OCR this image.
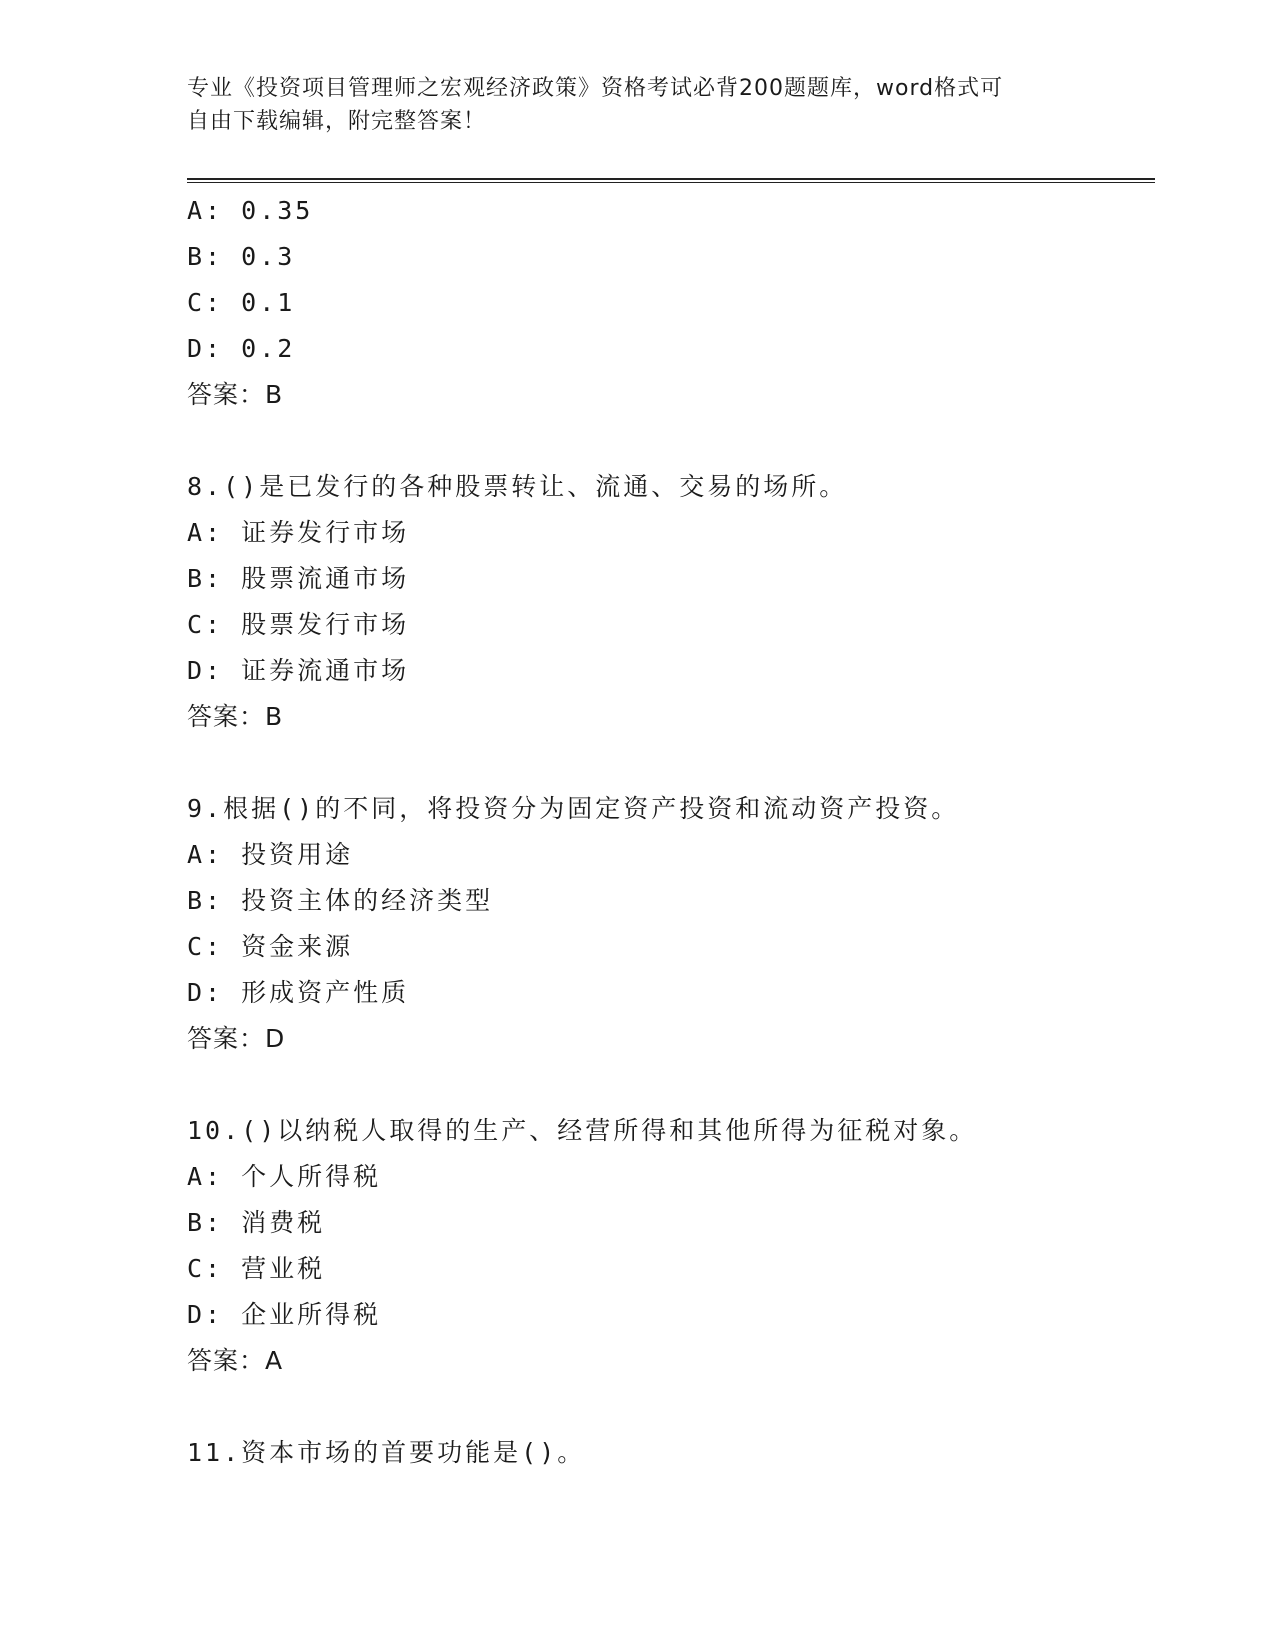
专业《投资项目管理师之宏观经济政策》资格考试必背200题题库，word格式可
自由下载编辑，附完整答案！
A: 0.35
B: 0.3
C: 0.1
D: 0.2
答案：B
8.()是已发行的各种股票转让、流通、交易的场所。
A: 证券发行市场
B: 股票流通市场
C: 股票发行市场
D: 证券流通市场
答案：B
9.根据()的不同，将投资分为固定资产投资和流动资产投资。
A: 投资用途
B: 投资主体的经济类型
C: 资金来源
D: 形成资产性质
答案：D
10.()以纳税人取得的生产、经营所得和其他所得为征税对象。
A: 个人所得税
B: 消费税
C: 营业税
D: 企业所得税
答案：A
11.资本市场的首要功能是()。
